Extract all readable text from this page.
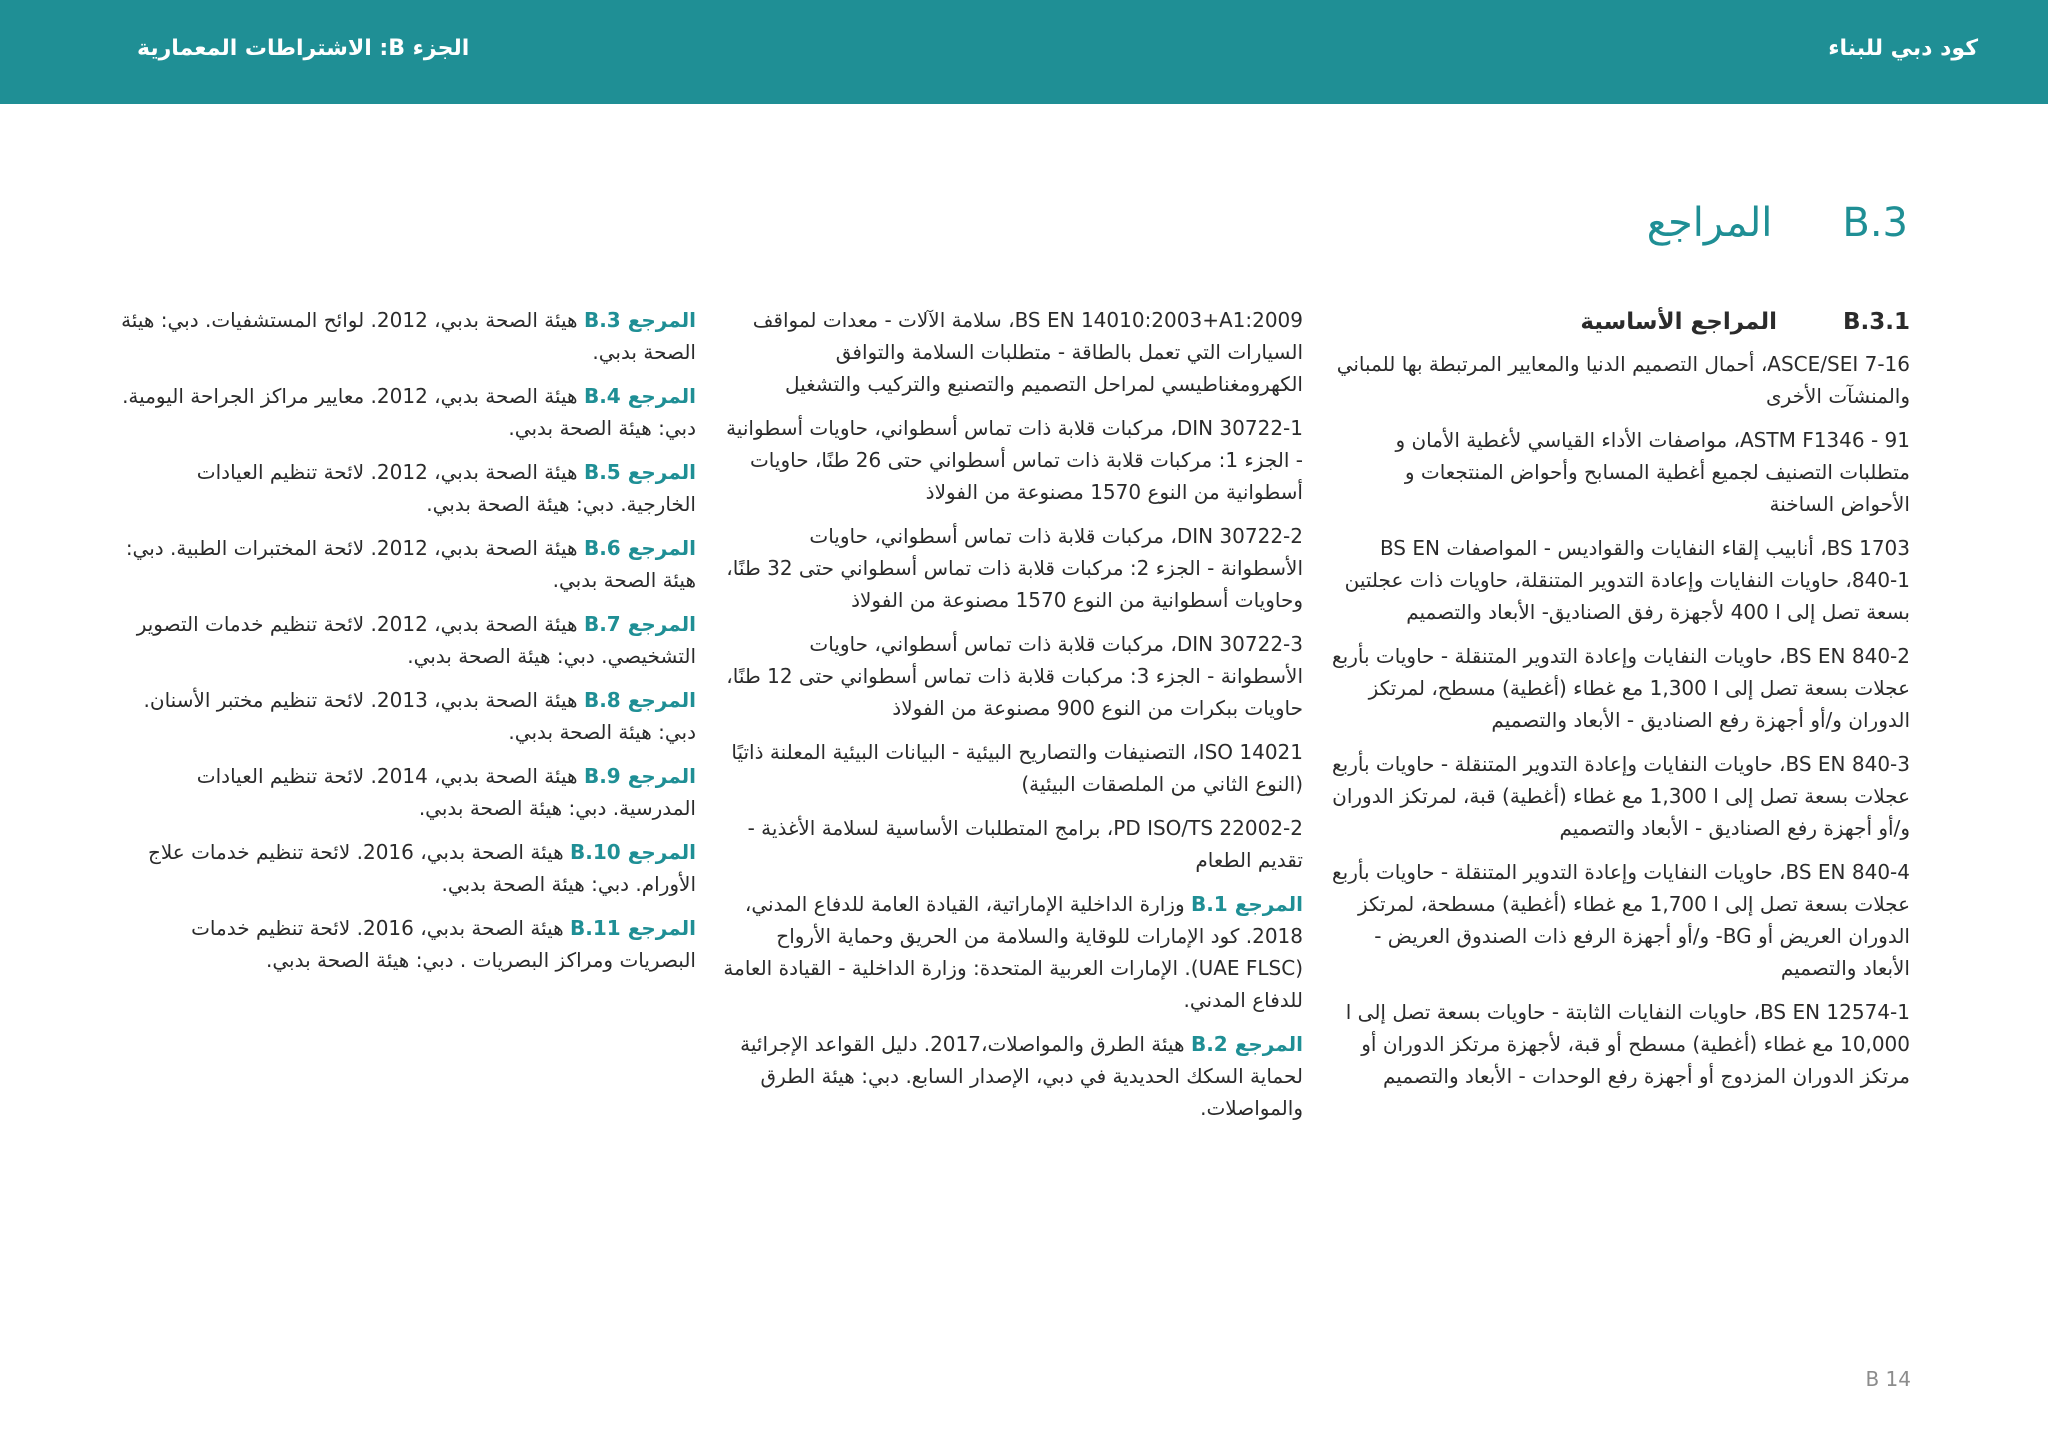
الجزء B: الاشتراطات المعمارية	كود دبي للبناء
B.3
المراجع
B.3.1
المراجع الأساسية

ASCE/SEI 7-16، أحمال التصميم الدنيا والمعايير المرتبطة بها للمباني والمنشآت الأخرى

ASTM F1346 - 91، مواصفات الأداء القياسي لأغطية الأمان و متطلبات التصنيف لجميع أغطية المسابح وأحواض المنتجعات و الأحواض الساخنة

BS 1703، أنابيب إلقاء النفايات والقواديس - المواصفات BS EN 840-1، حاويات النفايات وإعادة التدوير المتنقلة، حاويات ذات عجلتين بسعة تصل إلى ا 400 لأجهزة رفق الصناديق- الأبعاد والتصميم

BS EN 840-2، حاويات النفايات وإعادة التدوير المتنقلة - حاويات بأربع عجلات بسعة تصل إلى ا 1,300 مع غطاء (أغطية) مسطح، لمرتكز الدوران و/أو أجهزة رفع الصناديق - الأبعاد والتصميم

BS EN 840-3، حاويات النفايات وإعادة التدوير المتنقلة - حاويات بأربع عجلات بسعة تصل إلى ا 1,300 مع غطاء (أغطية) قبة، لمرتكز الدوران و/أو أجهزة رفع الصناديق - الأبعاد والتصميم

BS EN 840-4، حاويات النفايات وإعادة التدوير المتنقلة - حاويات بأربع عجلات بسعة تصل إلى ا 1,700 مع غطاء (أغطية) مسطحة، لمرتكز الدوران العريض أو BG- و/أو أجهزة الرفع ذات الصندوق العريض - الأبعاد والتصميم

BS EN 12574-1، حاويات النفايات الثابتة - حاويات بسعة تصل إلى ا 10,000 مع غطاء (أغطية) مسطح أو قبة، لأجهزة مرتكز الدوران أو مرتكز الدوران المزدوج أو أجهزة رفع الوحدات - الأبعاد والتصميم

BS EN 14010:2003+A1:2009، سلامة الآلات - معدات لمواقف السيارات التي تعمل بالطاقة - متطلبات السلامة والتوافق الكهرومغناطيسي لمراحل التصميم والتصنيع والتركيب والتشغيل

DIN 30722-1، مركبات قلابة ذات تماس أسطواني، حاويات أسطوانية - الجزء 1: مركبات قلابة ذات تماس أسطواني حتى 26 طنًا، حاويات أسطوانية من النوع 1570 مصنوعة من الفولاذ

DIN 30722-2، مركبات قلابة ذات تماس أسطواني، حاويات الأسطوانة - الجزء 2: مركبات قلابة ذات تماس أسطواني حتى 32 طنًا، وحاويات أسطوانية من النوع 1570 مصنوعة من الفولاذ

DIN 30722-3، مركبات قلابة ذات تماس أسطواني، حاويات الأسطوانة - الجزء 3: مركبات قلابة ذات تماس أسطواني حتى 12 طنًا، حاويات ببكرات من النوع 900 مصنوعة من الفولاذ

ISO 14021، التصنيفات والتصاريح البيئية - البيانات البيئية المعلنة ذاتيًا (النوع الثاني من الملصقات البيئية)

PD ISO/TS 22002-2، برامج المتطلبات الأساسية لسلامة الأغذية - تقديم الطعام

المرجع B.1 وزارة الداخلية الإماراتية، القيادة العامة للدفاع المدني، 2018. كود الإمارات للوقاية والسلامة من الحريق وحماية الأرواح (UAE FLSC). الإمارات العربية المتحدة: وزارة الداخلية - القيادة العامة للدفاع المدني.

المرجع B.2 هيئة الطرق والمواصلات،2017. دليل القواعد الإجرائية لحماية السكك الحديدية في دبي، الإصدار السابع. دبي: هيئة الطرق والمواصلات.

المرجع B.3 هيئة الصحة بدبي، 2012. لوائح المستشفيات. دبي: هيئة الصحة بدبي.

المرجع B.4 هيئة الصحة بدبي، 2012. معايير مراكز الجراحة اليومية. دبي: هيئة الصحة بدبي.

المرجع B.5 هيئة الصحة بدبي، 2012. لائحة تنظيم العيادات الخارجية. دبي: هيئة الصحة بدبي.

المرجع B.6 هيئة الصحة بدبي، 2012. لائحة المختبرات الطبية. دبي: هيئة الصحة بدبي.

المرجع B.7 هيئة الصحة بدبي، 2012. لائحة تنظيم خدمات التصوير التشخيصي. دبي: هيئة الصحة بدبي.

المرجع B.8 هيئة الصحة بدبي، 2013. لائحة تنظيم مختبر الأسنان. دبي: هيئة الصحة بدبي.

المرجع B.9 هيئة الصحة بدبي، 2014. لائحة تنظيم العيادات المدرسية. دبي: هيئة الصحة بدبي.

المرجع B.10 هيئة الصحة بدبي، 2016. لائحة تنظيم خدمات علاج الأورام. دبي: هيئة الصحة بدبي.

المرجع B.11 هيئة الصحة بدبي، 2016. لائحة تنظيم خدمات البصريات ومراكز البصريات . دبي: هيئة الصحة بدبي.

B 14
